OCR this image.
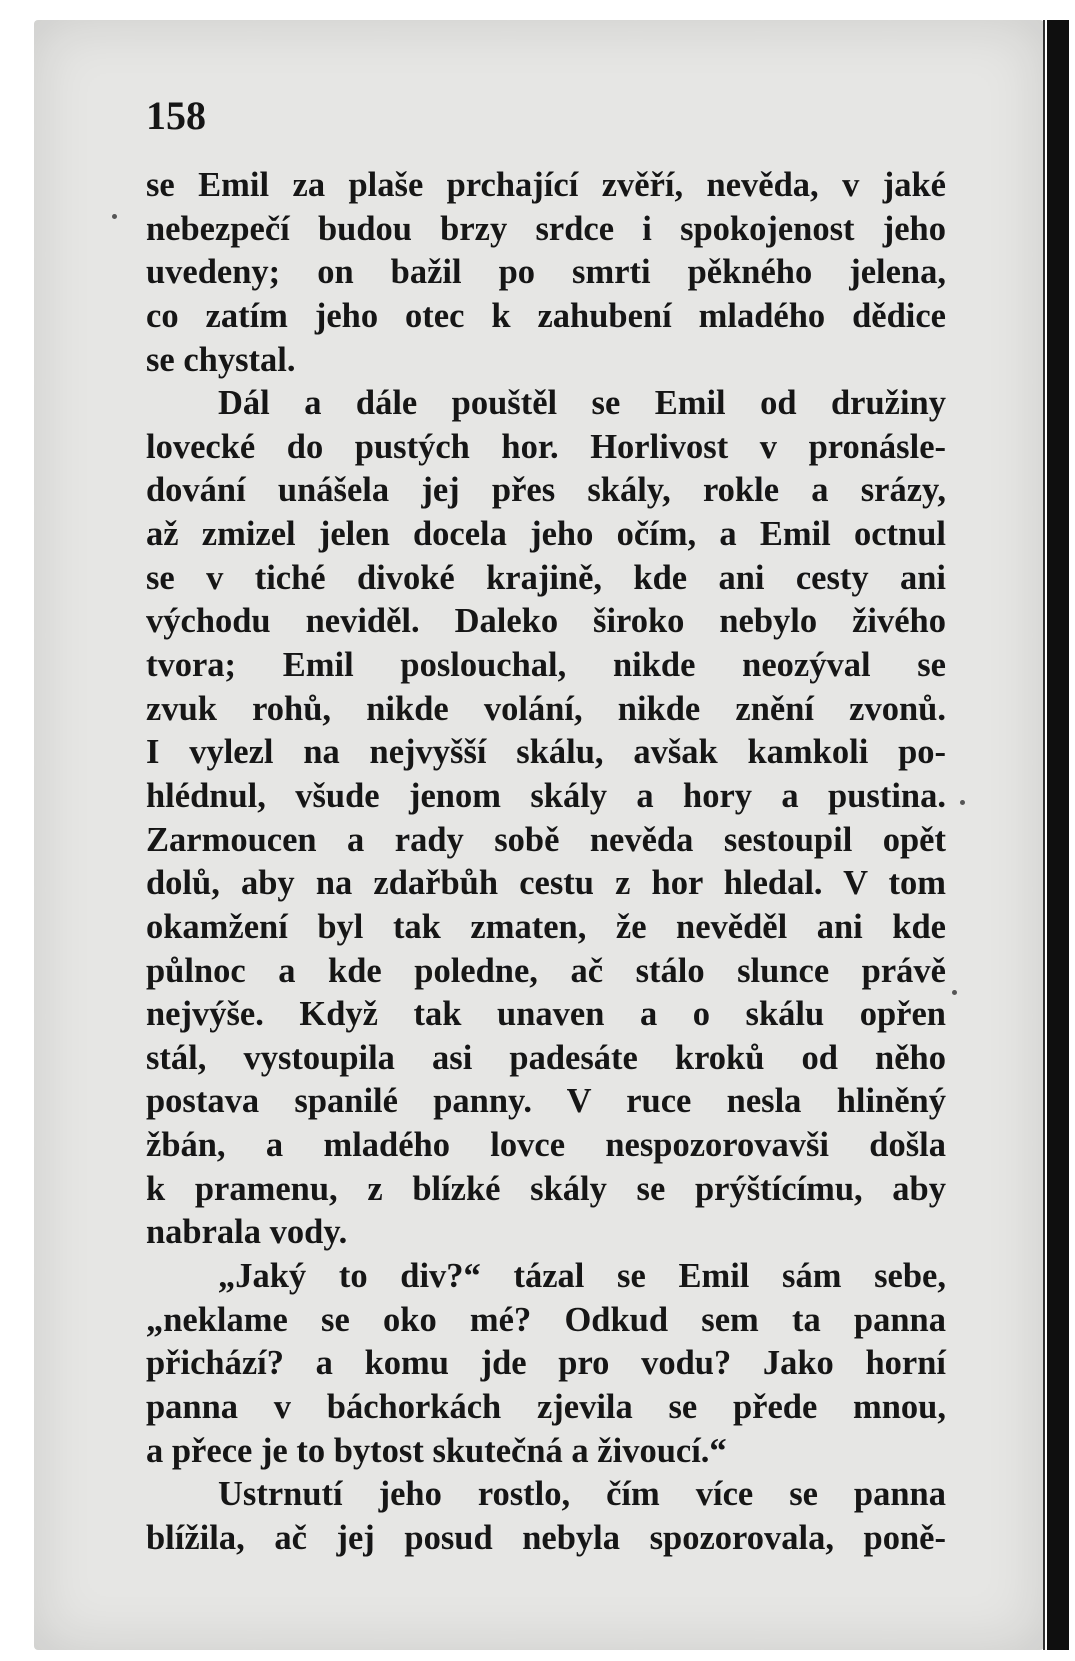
158
se Emil za plaše prchající zvěří, nevěda, v jaké
nebezpečí budou brzy srdce i spokojenost jeho
uvedeny; on bažil po smrti pěkného jelena,
co zatím jeho otec k zahubení mladého dědice
se chystal.
Dál a dále pouštěl se Emil od družiny
lovecké do pustých hor. Horlivost v pronásle-
dování unášela jej přes skály, rokle a srázy,
až zmizel jelen docela jeho očím, a Emil octnul
se v tiché divoké krajině, kde ani cesty ani
východu neviděl. Daleko široko nebylo živého
tvora; Emil poslouchal, nikde neozýval se
zvuk rohů, nikde volání, nikde znění zvonů.
I vylezl na nejvyšší skálu, avšak kamkoli po-
hlédnul, všude jenom skály a hory a pustina.
Zarmoucen a rady sobě nevěda sestoupil opět
dolů, aby na zdařbůh cestu z hor hledal. V tom
okamžení byl tak zmaten, že nevěděl ani kde
půlnoc a kde poledne, ač stálo slunce právě
nejvýše. Když tak unaven a o skálu opřen
stál, vystoupila asi padesáte kroků od něho
postava spanilé panny. V ruce nesla hliněný
žbán, a mladého lovce nespozorovavši došla
k pramenu, z blízké skály se prýštícímu, aby
nabrala vody.
„Jaký to div?“ tázal se Emil sám sebe,
„neklame se oko mé? Odkud sem ta panna
přichází? a komu jde pro vodu? Jako horní
panna v báchorkách zjevila se přede mnou,
a přece je to bytost skutečná a živoucí.“
Ustrnutí jeho rostlo, čím více se panna
blížila, ač jej posud nebyla spozorovala, poně-
